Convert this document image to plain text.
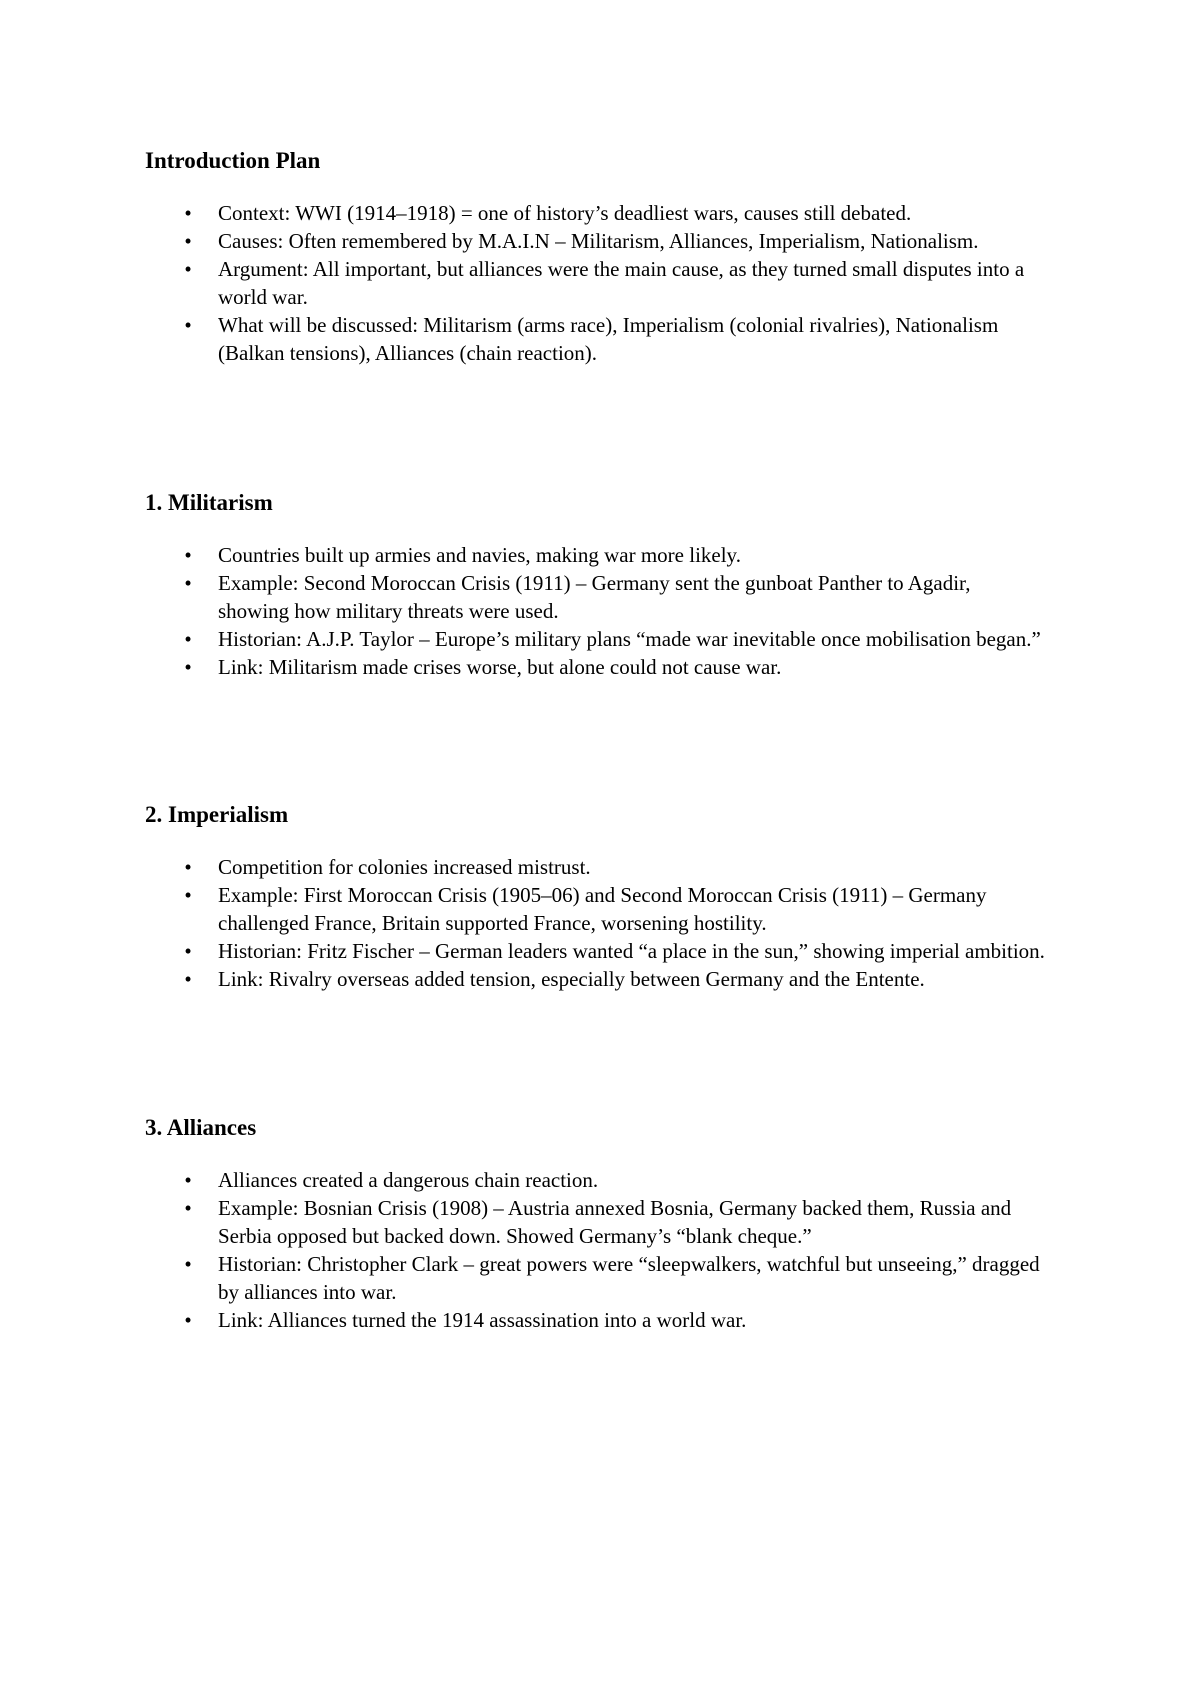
Introduction Plan
• Context: WWI (1914–1918) = one of history’s deadliest wars, causes still debated.
• Causes: Often remembered by M.A.I.N – Militarism, Alliances, Imperialism, Nationalism.
• Argument: All important, but alliances were the main cause, as they turned small disputes into a world war.
• What will be discussed: Militarism (arms race), Imperialism (colonial rivalries), Nationalism (Balkan tensions), Alliances (chain reaction).
1. Militarism
• Countries built up armies and navies, making war more likely.
• Example: Second Moroccan Crisis (1911) – Germany sent the gunboat Panther to Agadir, showing how military threats were used.
• Historian: A.J.P. Taylor – Europe’s military plans “made war inevitable once mobilisation began.”
• Link: Militarism made crises worse, but alone could not cause war.
2. Imperialism
• Competition for colonies increased mistrust.
• Example: First Moroccan Crisis (1905–06) and Second Moroccan Crisis (1911) – Germany challenged France, Britain supported France, worsening hostility.
• Historian: Fritz Fischer – German leaders wanted “a place in the sun,” showing imperial ambition.
• Link: Rivalry overseas added tension, especially between Germany and the Entente.
3. Alliances
• Alliances created a dangerous chain reaction.
• Example: Bosnian Crisis (1908) – Austria annexed Bosnia, Germany backed them, Russia and Serbia opposed but backed down. Showed Germany’s “blank cheque.”
• Historian: Christopher Clark – great powers were “sleepwalkers, watchful but unseeing,” dragged by alliances into war.
• Link: Alliances turned the 1914 assassination into a world war.
